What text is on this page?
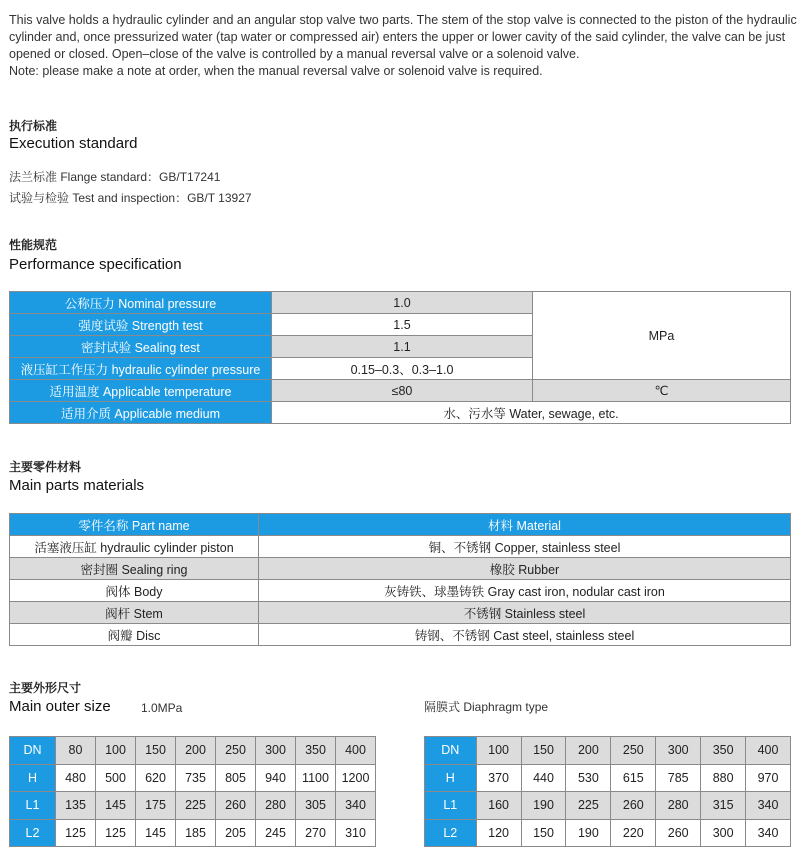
This valve holds a hydraulic cylinder and an angular stop valve two parts. The stem of the stop valve is connected to the piston of the hydraulic cylinder and, once pressurized water (tap water or compressed air) enters the upper or lower cavity of the said cylinder, the valve can be just opened or closed. Open–close of the valve is controlled by a manual reversal valve or a solenoid valve.

Note: please make a note at order, when the manual reversal valve or solenoid valve is required.

执行标准
Execution standard
法兰标准 Flange standard：GB/T17241
试验与检验 Test and inspection：GB/T 13927
性能规范
Performance specification
公称压力 Nominal pressure	1.0	MPa
强度试验 Strength test	1.5	
密封试验 Sealing test	1.1	
液压缸工作压力 hydraulic cylinder pressure	0.15–0.3、0.3–1.0	
适用温度 Applicable temperature	≤80	℃
适用介质 Applicable medium	水、污水等 Water, sewage, etc.	
主要零件材料
Main parts materials
零件名称 Part name	材料 Material
活塞液压缸 hydraulic cylinder piston	铜、不锈钢 Copper, stainless steel
密封圈 Sealing ring	橡胶 Rubber
阀体 Body	灰铸铁、球墨铸铁 Gray cast iron, nodular cast iron
阀杆 Stem	不锈钢 Stainless steel
阀瓣 Disc	铸钢、不锈钢 Cast steel, stainless steel
主要外形尺寸
Main outer size	1.0MPa	隔膜式 Diaphragm type
DN	80	100	150	200	250	300	350	400
H	480	500	620	735	805	940	1100	1200
L1	135	145	175	225	260	280	305	340
L2	125	125	145	185	205	245	270	310
DN	100	150	200	250	300	350	400
H	370	440	530	615	785	880	970
L1	160	190	225	260	280	315	340
L2	120	150	190	220	260	300	340
